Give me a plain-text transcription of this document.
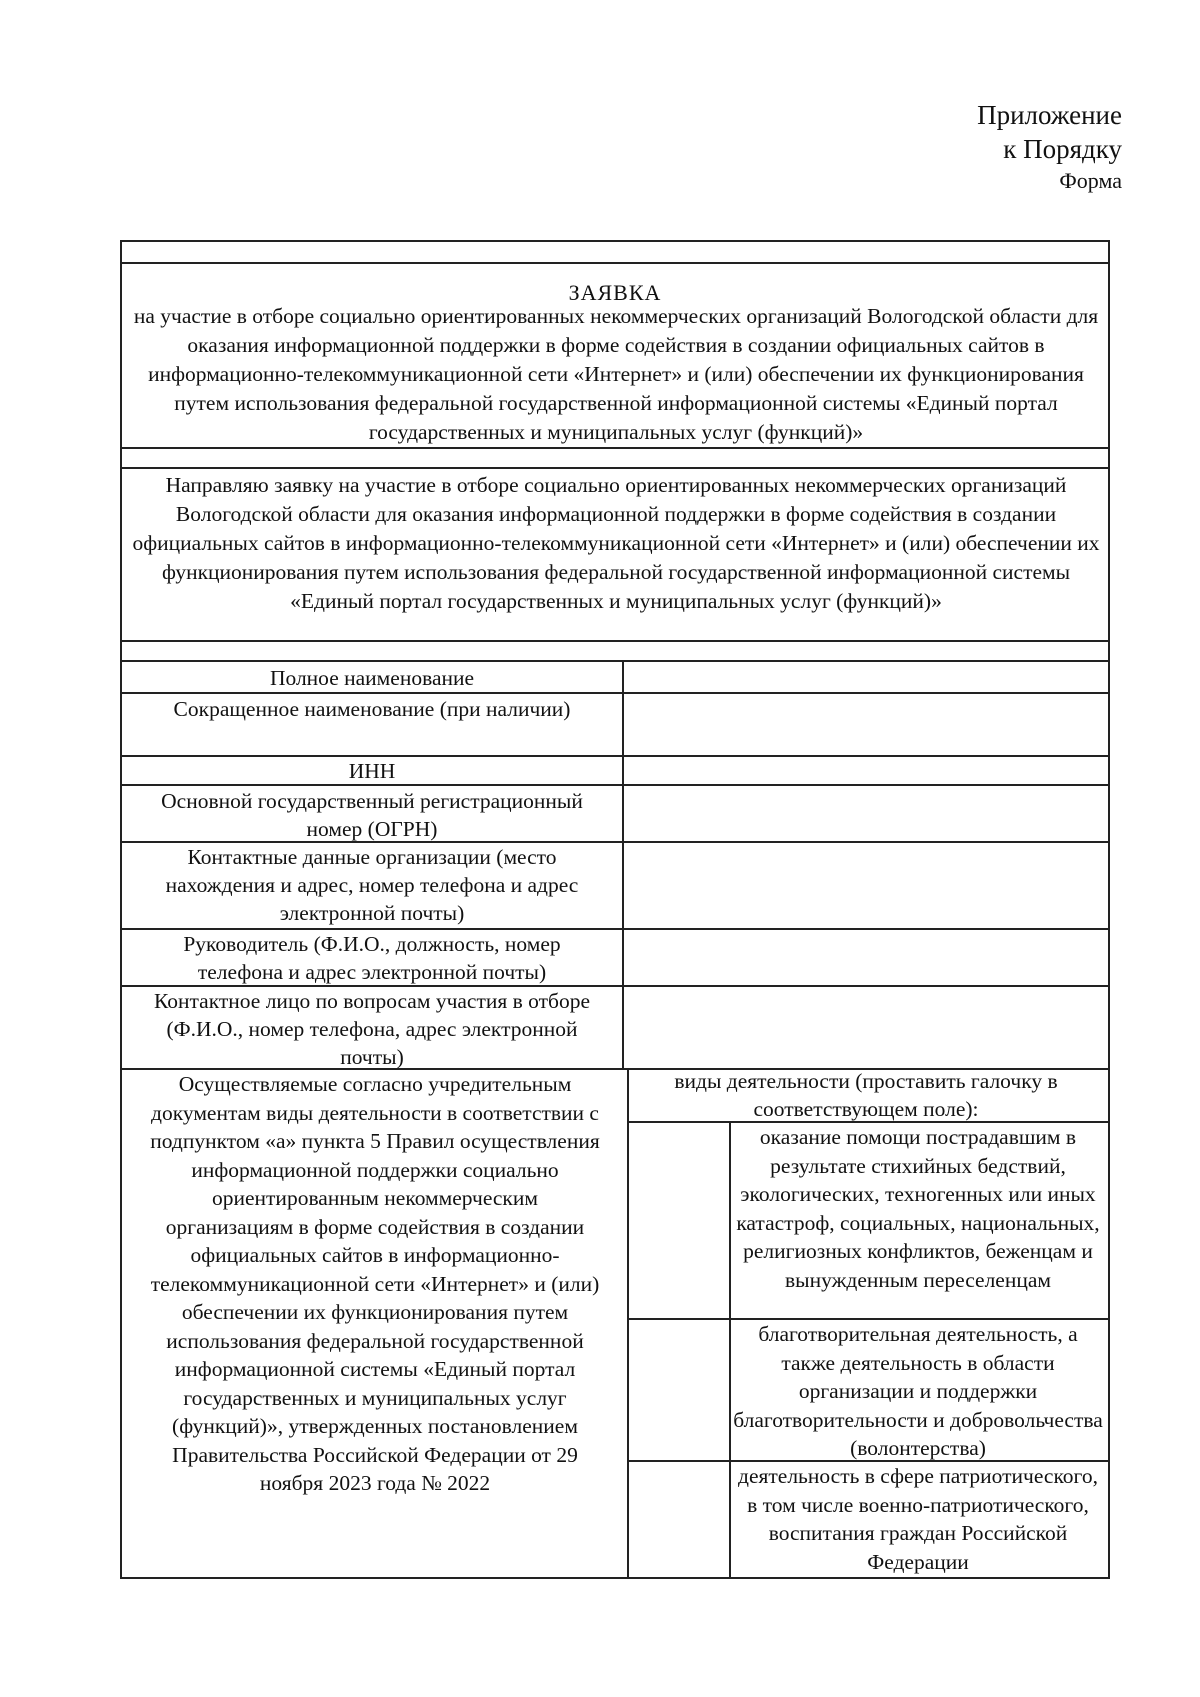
Приложение
к Порядку
Форма
ЗАЯВКА
на участие в отборе социально ориентированных некоммерческих организаций Вологодской области для оказания информационной поддержки в форме содействия в создании официальных сайтов в информационно-телекоммуникационной сети «Интернет» и (или) обеспечении их функционирования путем использования федеральной государственной информационной системы «Единый портал государственных и муниципальных услуг (функций)»
Направляю заявку на участие в отборе социально ориентированных некоммерческих организаций Вологодской области для оказания информационной поддержки в форме содействия в создании официальных сайтов в информационно-телекоммуникационной сети «Интернет» и (или) обеспечении их функционирования путем использования федеральной государственной информационной системы «Единый портал государственных и муниципальных услуг (функций)»
Полное наименование
Сокращенное наименование (при наличии)
ИНН
Основной государственный регистрационный номер (ОГРН)
Контактные данные организации (место нахождения и адрес, номер телефона и адрес электронной почты)
Руководитель (Ф.И.О., должность, номер телефона и адрес электронной почты)
Контактное лицо по вопросам участия в отборе (Ф.И.О., номер телефона, адрес электронной почты)
Осуществляемые согласно учредительным документам виды деятельности в соответствии с подпунктом «а» пункта 5 Правил осуществления информационной поддержки социально ориентированным некоммерческим организациям в форме содействия в создании официальных сайтов в информационно-телекоммуникационной сети «Интернет» и (или) обеспечении их функционирования путем использования федеральной государственной информационной системы «Единый портал государственных и муниципальных услуг (функций)», утвержденных постановлением Правительства Российской Федерации от 29 ноября 2023 года № 2022
виды деятельности (проставить галочку в соответствующем поле):
оказание помощи пострадавшим в результате стихийных бедствий, экологических, техногенных или иных катастроф, социальных, национальных, религиозных конфликтов, беженцам и вынужденным переселенцам
благотворительная деятельность, а также деятельность в области организации и поддержки благотворительности и добровольчества (волонтерства)
деятельность в сфере патриотического, в том числе военно-патриотического, воспитания граждан Российской Федерации
